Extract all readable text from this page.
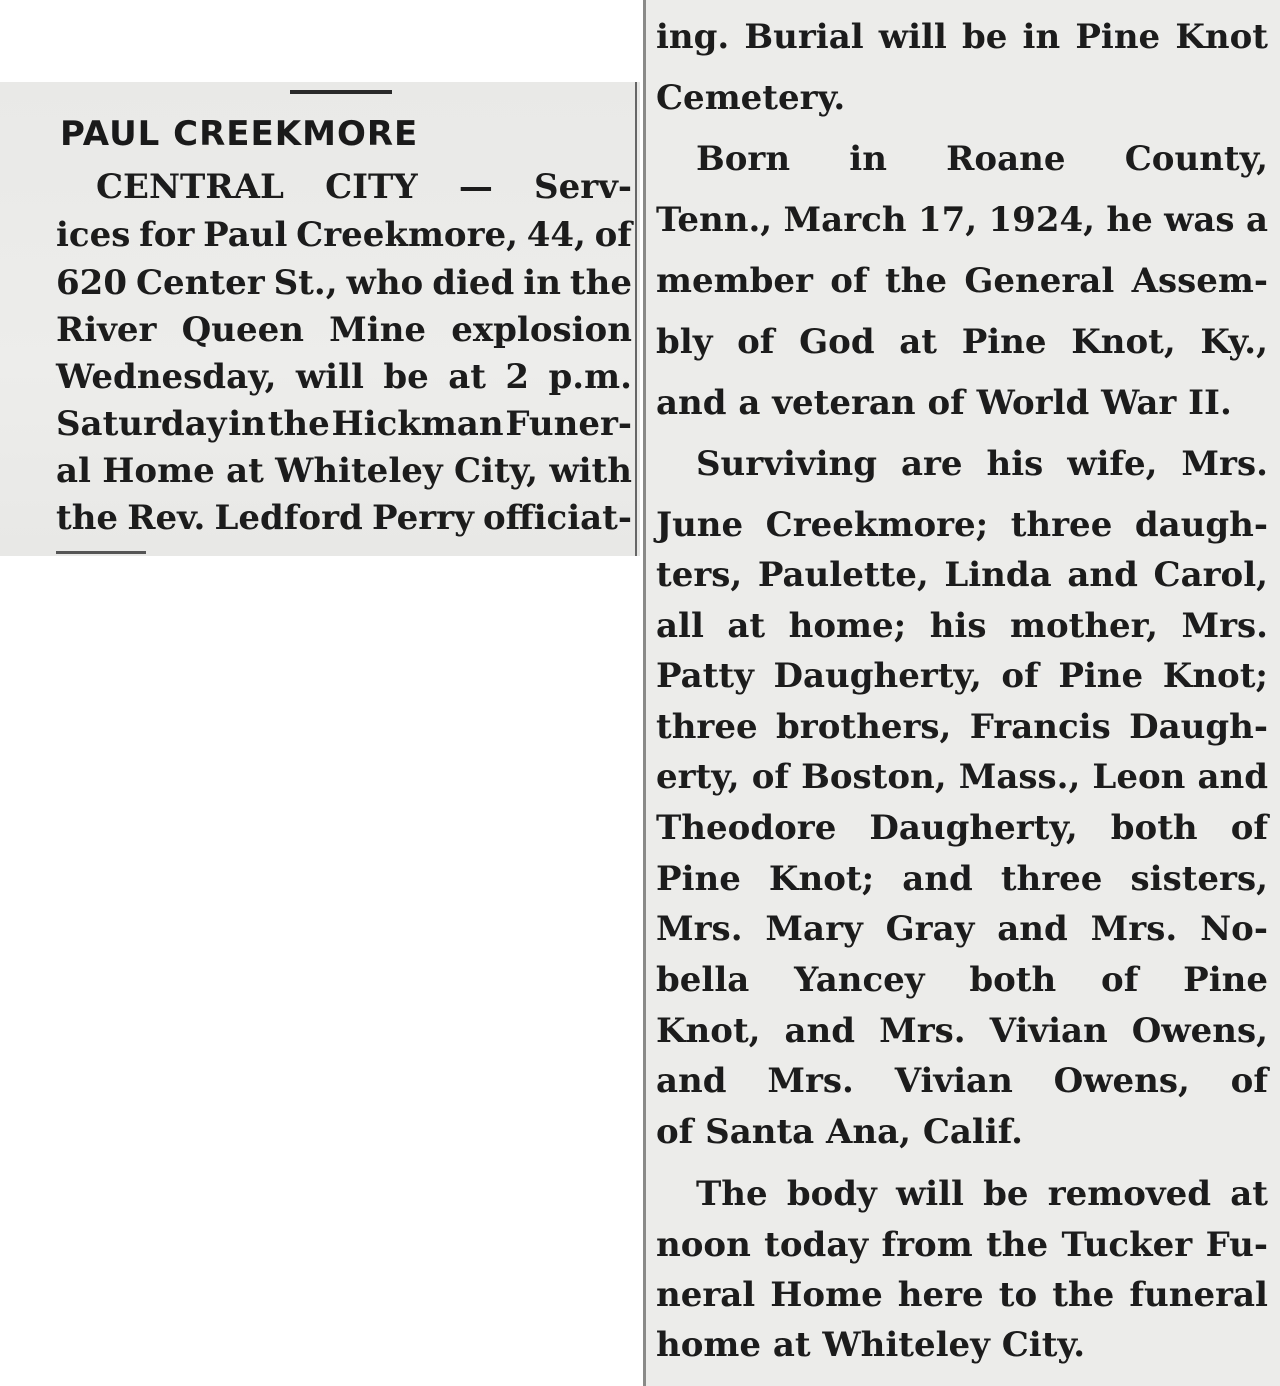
PAUL CREEKMORE
CENTRAL CITY — Serv-
ices for Paul Creekmore, 44, of
620 Center St., who died in the
River Queen Mine explosion
Wednesday, will be at 2 p.m.
Saturday in the Hickman Funer-
al Home at Whiteley City, with
the Rev. Ledford Perry officiat-
ing. Burial will be in Pine Knot
Cemetery.
Born in Roane County,
Tenn., March 17, 1924, he was a
member of the General Assem-
bly of God at Pine Knot, Ky.,
and a veteran of World War II.
Surviving are his wife, Mrs.
June Creekmore; three daugh-
ters, Paulette, Linda and Carol,
all at home; his mother, Mrs.
Patty Daugherty, of Pine Knot;
three brothers, Francis Daugh-
erty, of Boston, Mass., Leon and
Theodore Daugherty, both of
Pine Knot; and three sisters,
Mrs. Mary Gray and Mrs. No-
bella Yancey both of Pine
Knot, and Mrs. Vivian Owens,
and Mrs. Vivian Owens, of
of Santa Ana, Calif.
The body will be removed at
noon today from the Tucker Fu-
neral Home here to the funeral
home at Whiteley City.
